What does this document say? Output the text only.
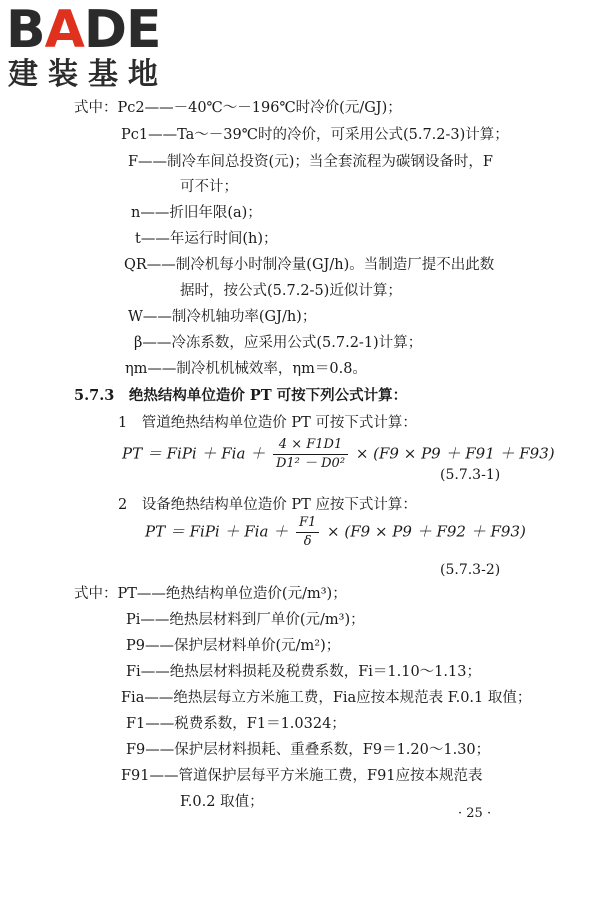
BADE
建装基地
式中：Pc2——－40℃～－196℃时冷价(元/GJ)；
Pc1——Ta～－39℃时的冷价，可采用公式(5.7.2-3)计算；
F——制冷车间总投资(元)；当全套流程为碳钢设备时，F
可不计；
n——折旧年限(a)；
t——年运行时间(h)；
QR——制冷机每小时制冷量(GJ/h)。当制造厂提不出此数
据时，按公式(5.7.2-5)近似计算；
W——制冷机轴功率(GJ/h)；
β——冷冻系数，应采用公式(5.7.2-1)计算；
ηm——制冷机机械效率，ηm＝0.8。
5.7.3　绝热结构单位造价 PT 可按下列公式计算：
1　管道绝热结构单位造价 PT 可按下式计算：
PT ＝ FiPi ＋ Fia ＋ $\frac{4 \times F1D1}{\text{D1² － D0²}} \times (F9 \times P9 + F91 + F93)$
(5.7.3-1)
2　设备绝热结构单位造价 PT 应按下式计算：
PT ＝ FiPi ＋ Fia ＋ $\frac{F1}{\delta} \times (F9 \times P9 + F92 + F93)$
(5.7.3-2)
式中：PT——绝热结构单位造价(元/m³)；
Pi——绝热层材料到厂单价(元/m³)；
P9——保护层材料单价(元/m²)；
Fi——绝热层材料损耗及税费系数，Fi＝1.10～1.13；
Fia——绝热层每立方米施工费，Fia应按本规范表 F.0.1 取值；
F1——税费系数，F1＝1.0324；
F9——保护层材料损耗、重叠系数，F9＝1.20～1.30；
F91——管道保护层每平方米施工费，F91应按本规范表
F.0.2 取值；
· 25 ·
